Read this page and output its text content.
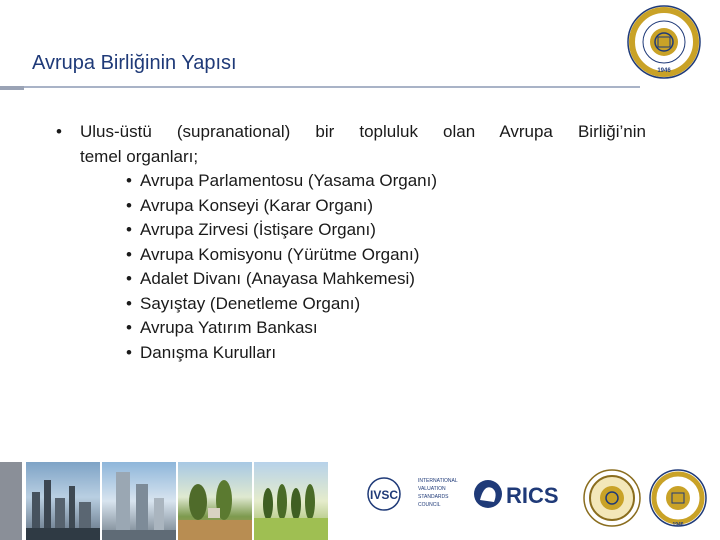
Avrupa Birliğinin Yapısı	1946
• Ulus-üstü (supranational) bir topluluk olan Avrupa Birliği’nin
temel organları;
• Avrupa Parlamentosu (Yasama Organı)
• Avrupa Konseyi (Karar Organı)
• Avrupa Zirvesi (İstişare Organı)
• Avrupa Komisyonu (Yürütme Organı)
• Adalet Divanı (Anayasa Mahkemesi)
• Sayıştay (Denetleme Organı)
• Avrupa Yatırım Bankası
• Danışma Kurulları
IVSC
INTERNATIONAL
VALUATION
STANDARDS
COUNCIL	RICS
1946
